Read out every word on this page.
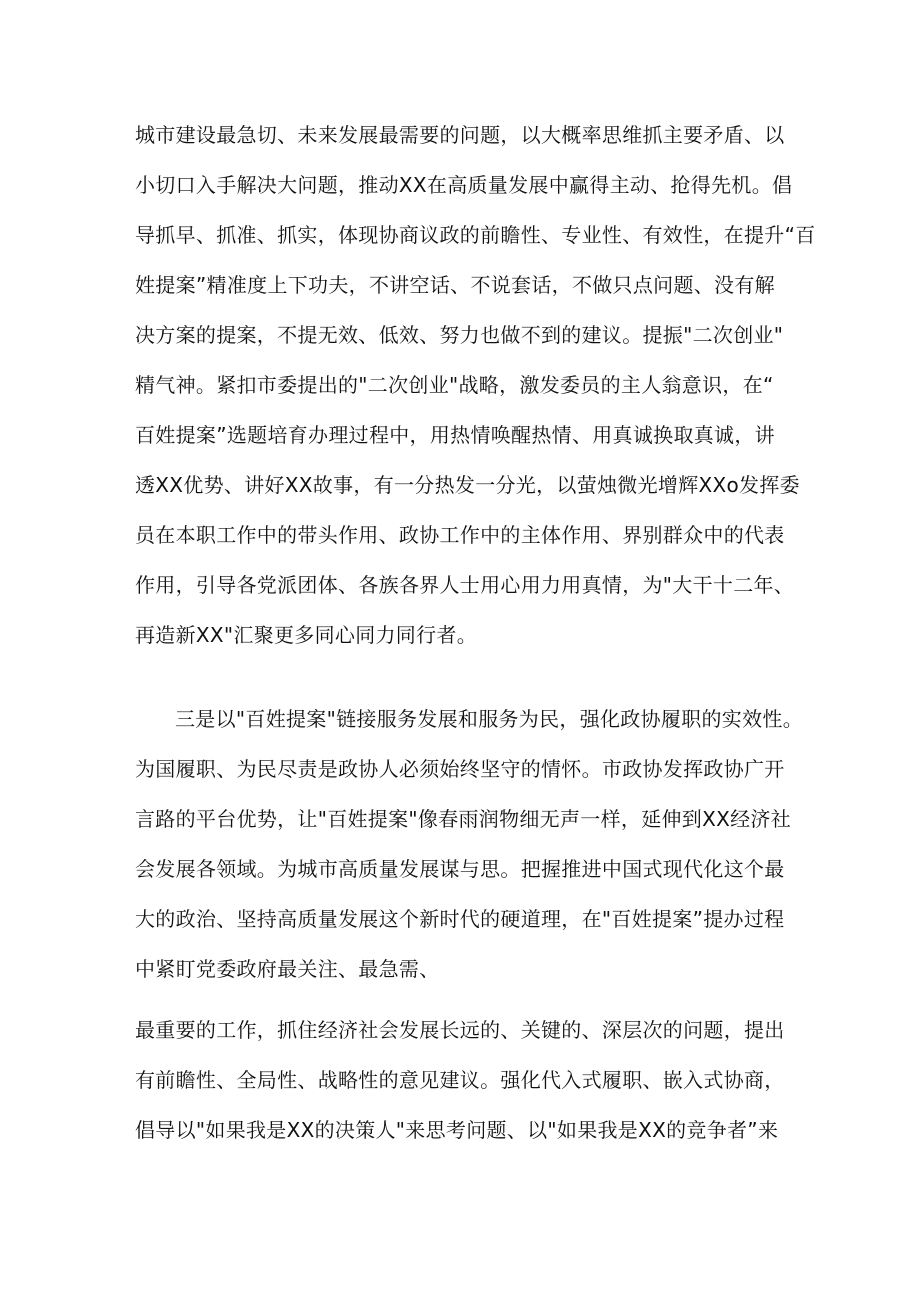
城市建设最急切、未来发展最需要的问题，以大概率思维抓主要矛盾、以
小切口入手解决大问题，推动XX在高质量发展中赢得主动、抢得先机。倡
导抓早、抓准、抓实，体现协商议政的前瞻性、专业性、有效性，在提升“百
姓提案”精准度上下功夫，不讲空话、不说套话，不做只点问题、没有解
决方案的提案，不提无效、低效、努力也做不到的建议。提振"二次创业"
精气神。紧扣市委提出的"二次创业"战略，激发委员的主人翁意识，在“
百姓提案”选题培育办理过程中，用热情唤醒热情、用真诚换取真诚，讲
透XX优势、讲好XX故事，有一分热发一分光，以萤烛微光增辉XXo发挥委
员在本职工作中的带头作用、政协工作中的主体作用、界别群众中的代表
作用，引导各党派团体、各族各界人士用心用力用真情，为"大干十二年、
再造新XX"汇聚更多同心同力同行者。
三是以"百姓提案"链接服务发展和服务为民，强化政协履职的实效性。
为国履职、为民尽责是政协人必须始终坚守的情怀。市政协发挥政协广开
言路的平台优势，让"百姓提案"像春雨润物细无声一样，延伸到XX经济社
会发展各领域。为城市高质量发展谋与思。把握推进中国式现代化这个最
大的政治、坚持高质量发展这个新时代的硬道理，在"百姓提案”提办过程
中紧盯党委政府最关注、最急需、
最重要的工作，抓住经济社会发展长远的、关键的、深层次的问题，提出
有前瞻性、全局性、战略性的意见建议。强化代入式履职、嵌入式协商，
倡导以"如果我是XX的决策人"来思考问题、以"如果我是XX的竞争者”来
